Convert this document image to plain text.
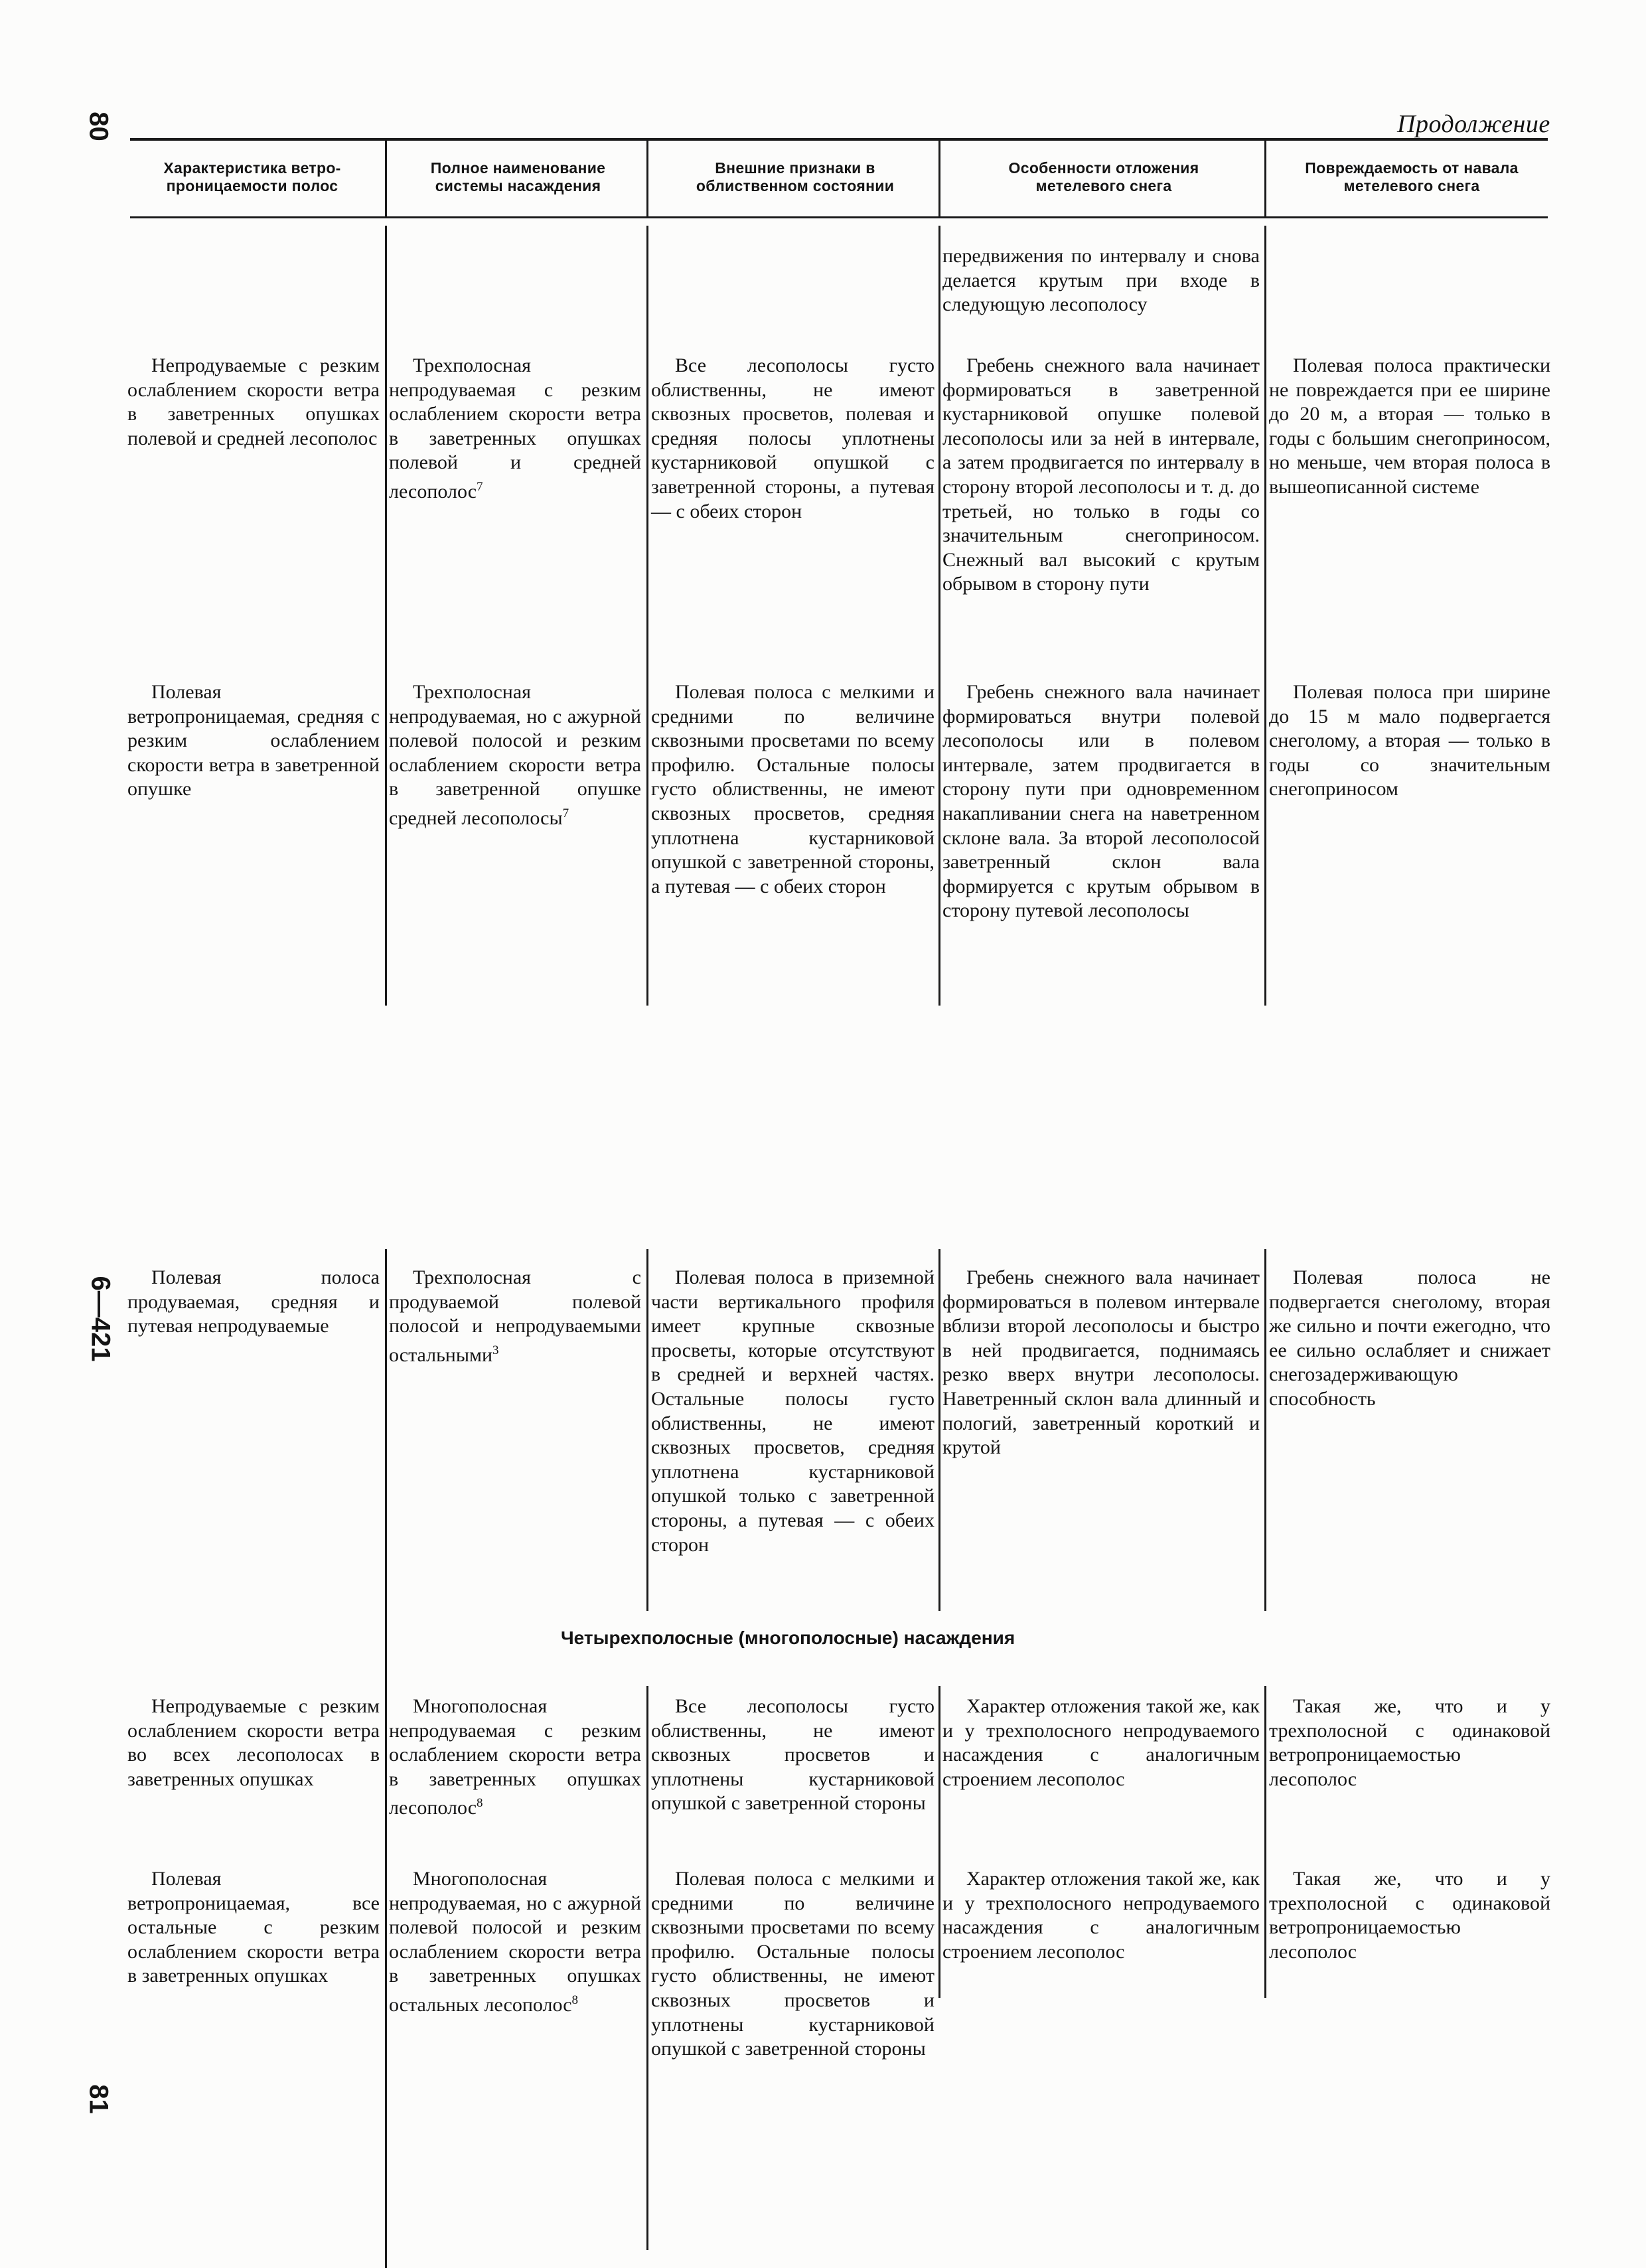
80
6—421
81
Продолжение
Характеристика ветро-
проницаемости полос
Полное наименование
системы насаждения
Внешние признаки в
облиственном состоянии
Особенности отложения
метелевого снега
Повреждаемость от навала
метелевого снега
передвижения по интервалу и снова делается крутым при входе в следующую лесополосу
Непродуваемые с резким ослаблением скорости ветра в заветренных опушках полевой и средней лесополос
Трехполосная непродуваемая с резким ослаблением скорости ветра в заветренных опушках полевой и средней лесополос$^7$
Все лесополосы густо облиственны, не имеют сквозных просветов, полевая и средняя полосы уплотнены кустарниковой опушкой с заветренной стороны, а путевая — с обеих сторон
Гребень снежного вала начинает формироваться в заветренной кустарниковой опушке полевой лесополосы или за ней в интервале, а затем продвигается по интервалу в сторону второй лесополосы и т. д. до третьей, но только в годы со значительным снегоприносом. Снежный вал высокий с крутым обрывом в сторону пути
Полевая полоса практически не повреждается при ее ширине до 20 м, а вторая — только в годы с большим снегоприносом, но меньше, чем вторая полоса в вышеописанной системе
Полевая ветропроницаемая, средняя с резким ослаблением скорости ветра в заветренной опушке
Трехполосная непродуваемая, но с ажурной полевой полосой и резким ослаблением скорости ветра в заветренной опушке средней лесополосы$^7$
Полевая полоса с мелкими и средними по величине сквозными просветами по всему профилю. Остальные полосы густо облиственны, не имеют сквозных просветов, средняя уплотнена кустарниковой опушкой с заветренной стороны, а путевая — с обеих сторон
Гребень снежного вала начинает формироваться внутри полевой лесополосы или в полевом интервале, затем продвигается в сторону пути при одновременном накапливании снега на наветренном склоне вала. За второй лесополосой заветренный склон вала формируется с крутым обрывом в сторону путевой лесополосы
Полевая полоса при ширине до 15 м мало подвергается снеголому, а вторая — только в годы со значительным снегоприносом
Полевая полоса продуваемая, средняя и путевая непродуваемые
Трехполосная с продуваемой полевой полосой и непродуваемыми остальными$^3$
Полевая полоса в приземной части вертикального профиля имеет крупные сквозные просветы, которые отсутствуют в средней и верхней частях. Остальные полосы густо облиственны, не имеют сквозных просветов, средняя уплотнена кустарниковой опушкой только с заветренной стороны, а путевая — с обеих сторон
Гребень снежного вала начинает формироваться в полевом интервале вблизи второй лесополосы и быстро в ней продвигается, поднимаясь резко вверх внутри лесополосы. Наветренный склон вала длинный и пологий, заветренный короткий и крутой
Полевая полоса не подвергается снеголому, вторая же сильно и почти ежегодно, что ее сильно ослабляет и снижает снегозадерживающую способность
Четырехполосные (многополосные) насаждения
Непродуваемые с резким ослаблением скорости ветра во всех лесополосах в заветренных опушках
Многополосная непродуваемая с резким ослаблением скорости ветра в заветренных опушках лесополос$^8$
Все лесополосы густо облиственны, не имеют сквозных просветов и уплотнены кустарниковой опушкой с заветренной стороны
Характер отложения такой же, как и у трехполосного непродуваемого насаждения с аналогичным строением лесополос
Такая же, что и у трехполосной с одинаковой ветропроницаемостью лесополос
Полевая ветропроницаемая, все остальные с резким ослаблением скорости ветра в заветренных опушках
Многополосная непродуваемая, но с ажурной полевой полосой и резким ослаблением скорости ветра в заветренных опушках остальных лесополос$^8$
Полевая полоса с мелкими и средними по величине сквозными просветами по всему профилю. Остальные полосы густо облиственны, не имеют сквозных просветов и уплотнены кустарниковой опушкой с заветренной стороны
Характер отложения такой же, как и у трехполосного непродуваемого насаждения с аналогичным строением лесополос
Такая же, что и у трехполосной с одинаковой ветропроницаемостью лесополос
